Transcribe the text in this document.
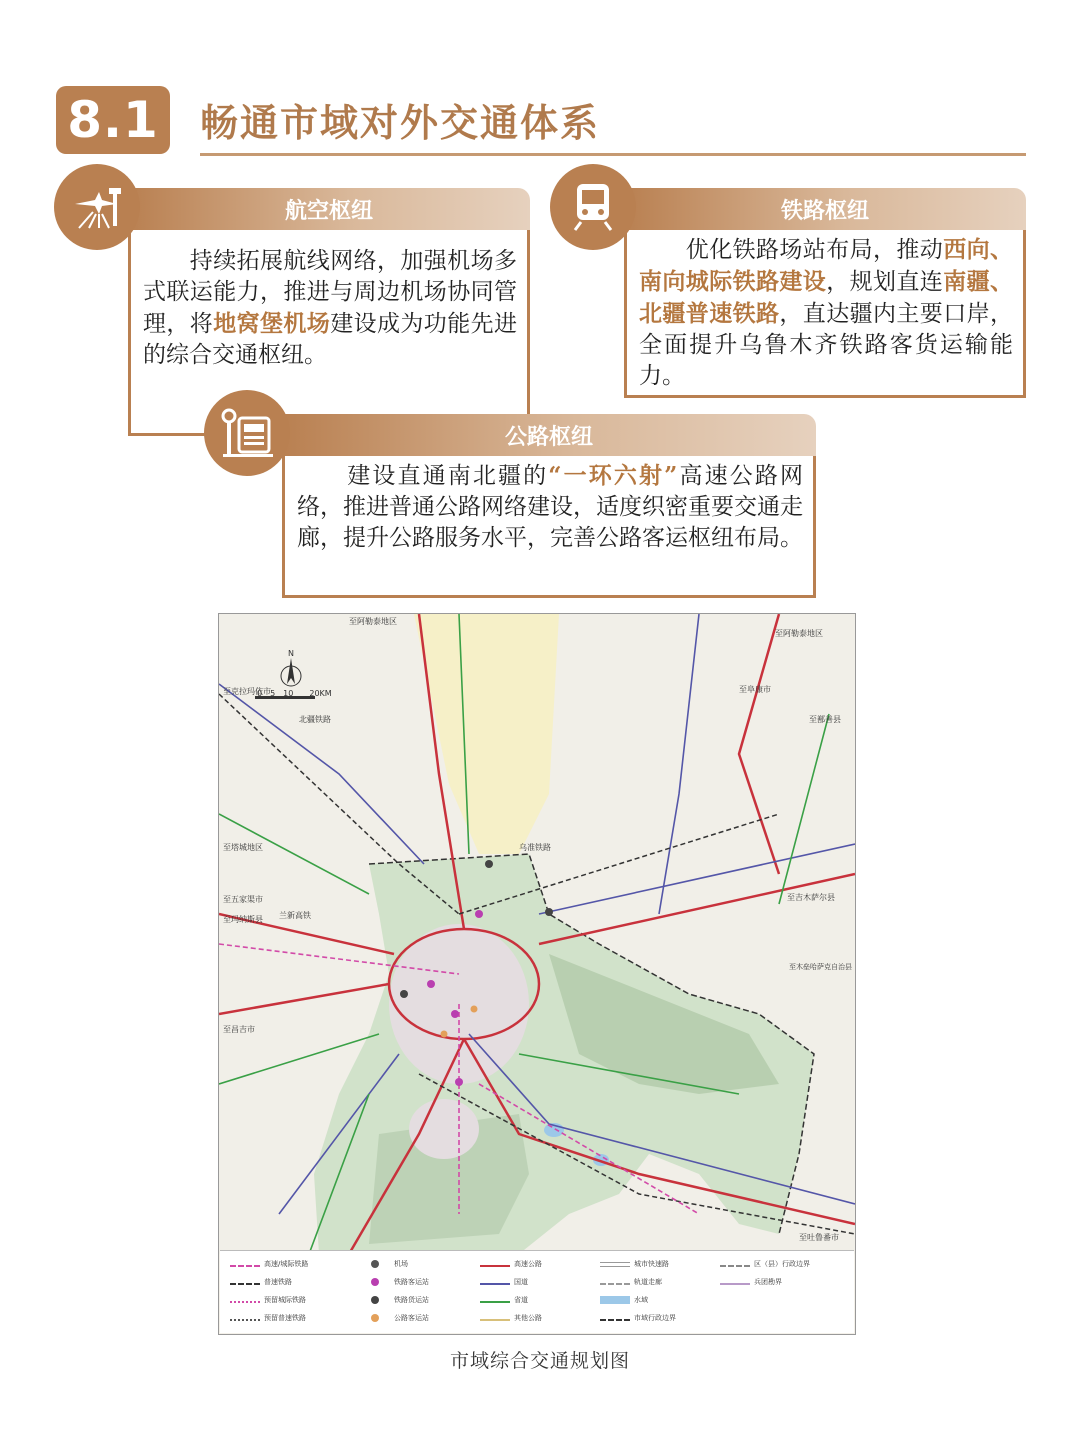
8.1 畅通市域对外交通体系
航空枢纽
　　持续拓展航线网络，加强机场多式联运能力，推进与周边机场协同管理，将地窝堡机场建设成为功能先进的综合交通枢纽。
铁路枢纽
　　优化铁路场站布局，推动西向、南向城际铁路建设，规划直连南疆、北疆普速铁路，直达疆内主要口岸，全面提升乌鲁木齐铁路客货运输能力。
公路枢纽
　　建设直通南北疆的“一环六射”高速公路网络，推进普通公路网络建设，适度织密重要交通走廊，提升公路服务水平，完善公路客运枢纽布局。
N
0　5　10　　20KM
至阿勒泰地区
至阿勒泰地区
至克拉玛依市
至塔城地区
至五家渠市
至昌吉市
至吉木萨尔县
至木垒哈萨克自治县
至吐鲁番市
至鄯善县
至阜康市
至玛纳斯县
乌准铁路
兰新高铁
北疆铁路
高速/城际铁路
普速铁路
预留城际铁路
预留普速铁路
机场
铁路客运站
铁路货运站
公路客运站
高速公路
国道
省道
其他公路
城市快速路
轨道走廊
水域
市域行政边界
区（县）行政边界
兵团勘界
市域综合交通规划图
